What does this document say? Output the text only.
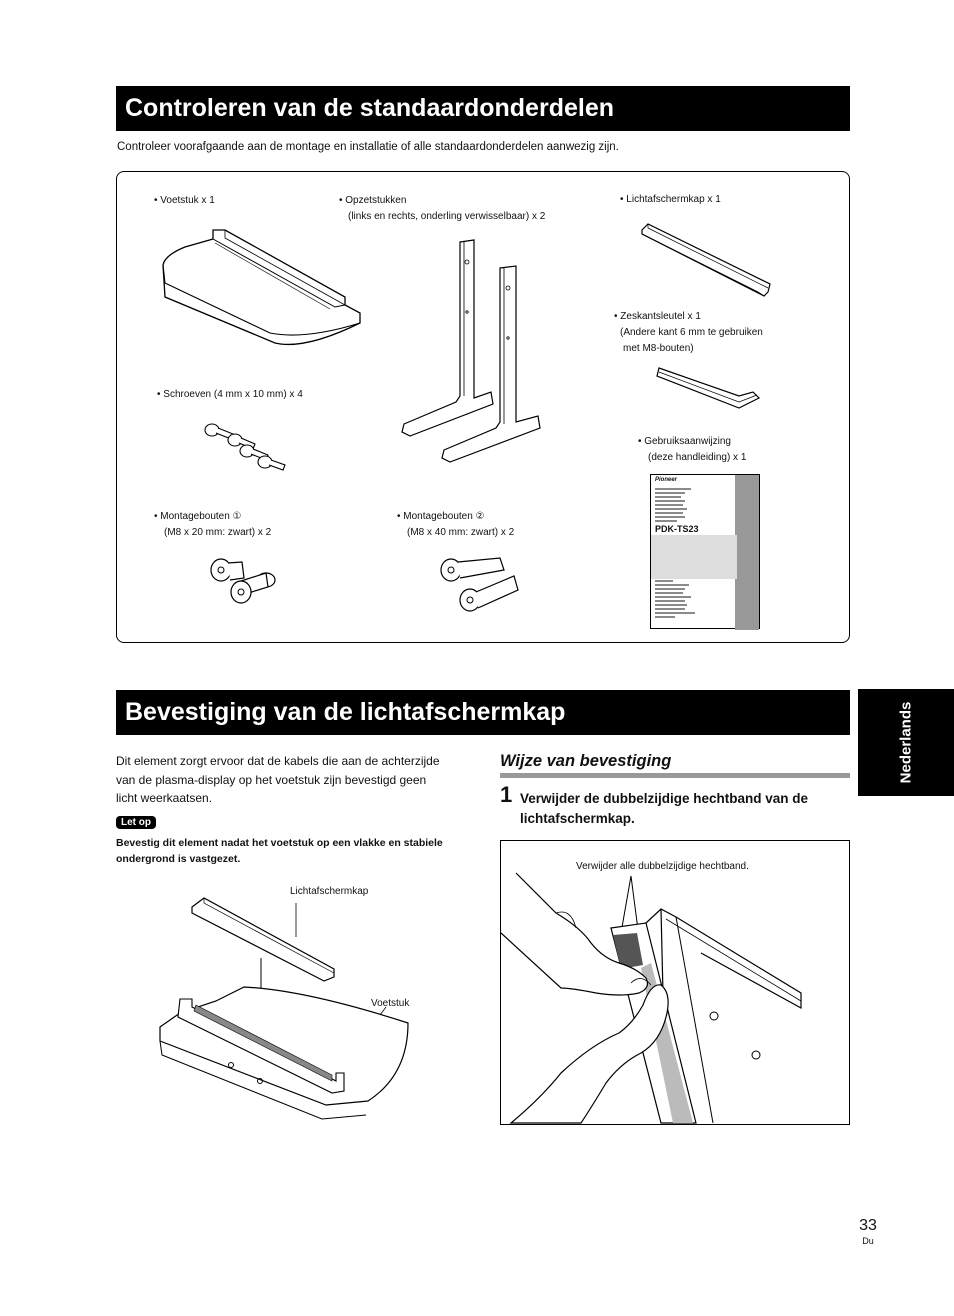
Controleren van de standaardonderdelen
Controleer voorafgaande aan de montage en installatie of alle standaardonderdelen aanwezig zijn.
• Voetstuk x 1	• Opzetstukken
(links en rechts, onderling verwisselbaar) x 2
• Lichtafschermkap x 1
• Zeskantsleutel x 1
(Andere kant 6 mm te gebruiken
met M8-bouten)
• Schroeven (4 mm x 10 mm) x 4
• Gebruiksaanwijzing
(deze handleiding) x 1
• Montagebouten ①
(M8 x 20 mm: zwart) x 2
• Montagebouten ②
(M8 x 40 mm: zwart) x 2
Pioneer
PDK-TS23
Bevestiging van de lichtafschermkap	Nederlands
Dit element zorgt ervoor dat de kabels die aan de achterzijde van de plasma-display op het voetstuk zijn bevestigd geen licht weerkaatsen.
Let op
Bevestig dit element nadat het voetstuk op een vlakke en stabiele ondergrond is vastgezet.
Lichtafschermkap
Voetstuk
Wijze van bevestiging
1 Verwijder de dubbelzijdige hechtband van de lichtafschermkap.
Verwijder alle dubbelzijdige hechtband.
33
Du
